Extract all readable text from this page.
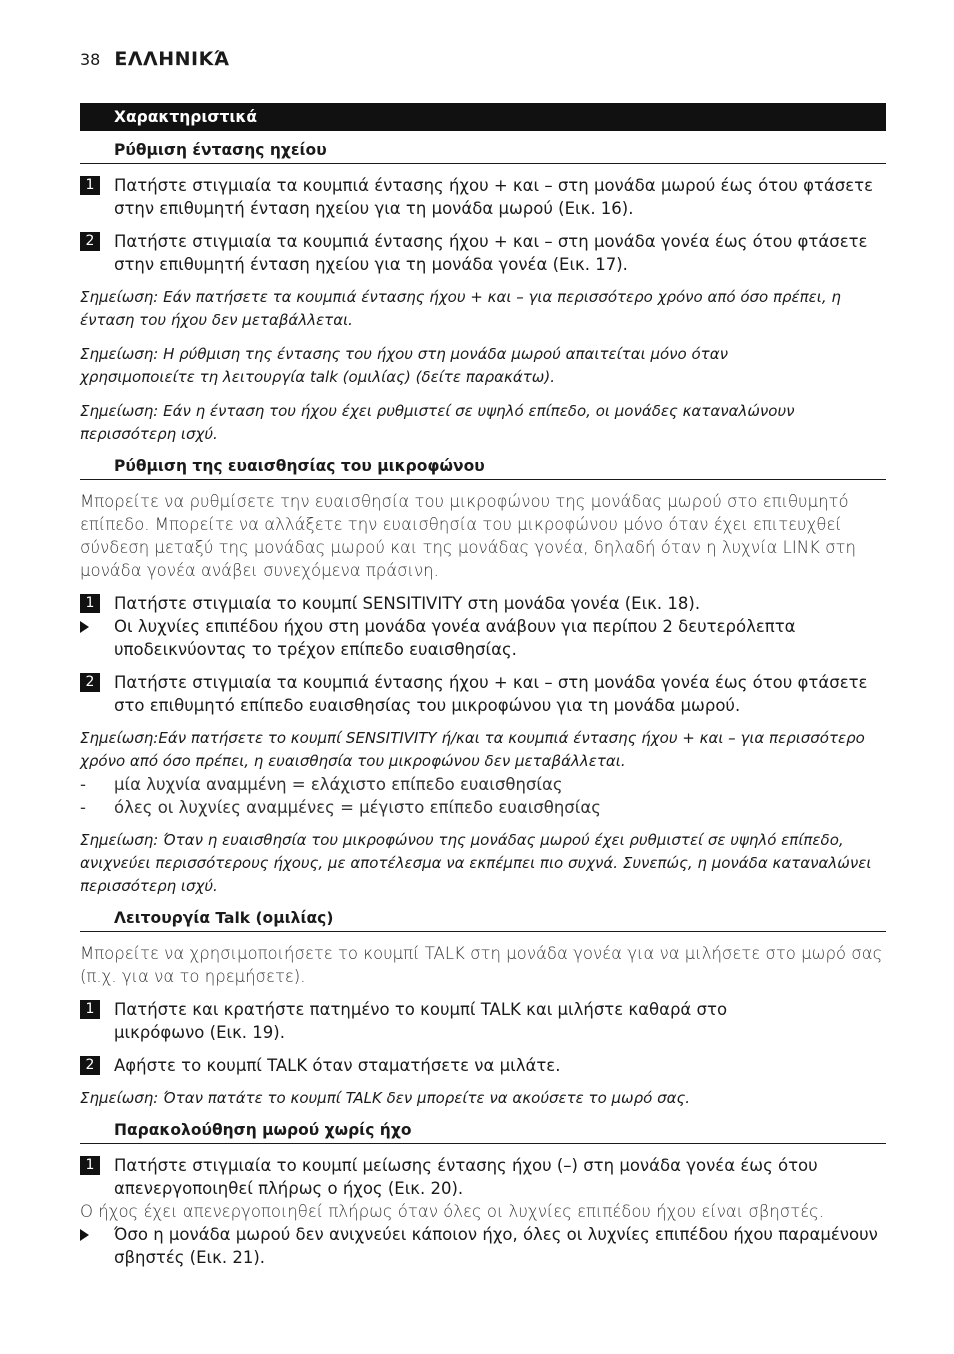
38 ΕΛΛΗΝΙΚΆ
Χαρακτηριστικά
Ρύθμιση έντασης ηχείου
1	Πατήστε στιγμιαία τα κουμπιά έντασης ήχου + και – στη μονάδα μωρού έως ότου φτάσετε στην επιθυμητή ένταση ηχείου για τη μονάδα μωρού (Εικ. 16).
2	Πατήστε στιγμιαία τα κουμπιά έντασης ήχου + και – στη μονάδα γονέα έως ότου φτάσετε στην επιθυμητή ένταση ηχείου για τη μονάδα γονέα (Εικ. 17).
Σημείωση: Εάν πατήσετε τα κουμπιά έντασης ήχου + και – για περισσότερο χρόνο από όσο πρέπει, η ένταση του ήχου δεν μεταβάλλεται.
Σημείωση: Η ρύθμιση της έντασης του ήχου στη μονάδα μωρού απαιτείται μόνο όταν χρησιμοποιείτε τη λειτουργία talk (ομιλίας) (δείτε παρακάτω).
Σημείωση: Εάν η ένταση του ήχου έχει ρυθμιστεί σε υψηλό επίπεδο, οι μονάδες καταναλώνουν περισσότερη ισχύ.
Ρύθμιση της ευαισθησίας του μικροφώνου
Μπορείτε να ρυθμίσετε την ευαισθησία του μικροφώνου της μονάδας μωρού στο επιθυμητό επίπεδο. Μπορείτε να αλλάξετε την ευαισθησία του μικροφώνου μόνο όταν έχει επιτευχθεί σύνδεση μεταξύ της μονάδας μωρού και της μονάδας γονέα, δηλαδή όταν η λυχνία LINK στη μονάδα γονέα ανάβει συνεχόμενα πράσινη.
1	Πατήστε στιγμιαία το κουμπί SENSITIVITY στη μονάδα γονέα (Εικ. 18).
Οι λυχνίες επιπέδου ήχου στη μονάδα γονέα ανάβουν για περίπου 2 δευτερόλεπτα υποδεικνύοντας το τρέχον επίπεδο ευαισθησίας.
2	Πατήστε στιγμιαία τα κουμπιά έντασης ήχου + και – στη μονάδα γονέα έως ότου φτάσετε στο επιθυμητό επίπεδο ευαισθησίας του μικροφώνου για τη μονάδα μωρού.
Σημείωση:Εάν πατήσετε το κουμπί SENSITIVITY ή/και τα κουμπιά έντασης ήχου + και – για περισσότερο χρόνο από όσο πρέπει, η ευαισθησία του μικροφώνου δεν μεταβάλλεται.
-	μία λυχνία αναμμένη = ελάχιστο επίπεδο ευαισθησίας
-	όλες οι λυχνίες αναμμένες = μέγιστο επίπεδο ευαισθησίας
Σημείωση: Όταν η ευαισθησία του μικροφώνου της μονάδας μωρού έχει ρυθμιστεί σε υψηλό επίπεδο, ανιχνεύει περισσότερους ήχους, με αποτέλεσμα να εκπέμπει πιο συχνά. Συνεπώς, η μονάδα καταναλώνει περισσότερη ισχύ.
Λειτουργία Talk (ομιλίας)
Μπορείτε να χρησιμοποιήσετε το κουμπί TALK στη μονάδα γονέα για να μιλήσετε στο μωρό σας (π.χ. για να το ηρεμήσετε).
1	Πατήστε και κρατήστε πατημένο το κουμπί TALK και μιλήστε καθαρά στο μικρόφωνο (Εικ. 19).
2	Αφήστε το κουμπί TALK όταν σταματήσετε να μιλάτε.
Σημείωση: Όταν πατάτε το κουμπί TALK δεν μπορείτε να ακούσετε το μωρό σας.
Παρακολούθηση μωρού χωρίς ήχο
1	Πατήστε στιγμιαία το κουμπί μείωσης έντασης ήχου (–) στη μονάδα γονέα έως ότου απενεργοποιηθεί πλήρως ο ήχος (Εικ. 20).
Ο ήχος έχει απενεργοποιηθεί πλήρως όταν όλες οι λυχνίες επιπέδου ήχου είναι σβηστές.
Όσο η μονάδα μωρού δεν ανιχνεύει κάποιον ήχο, όλες οι λυχνίες επιπέδου ήχου παραμένουν σβηστές (Εικ. 21).
